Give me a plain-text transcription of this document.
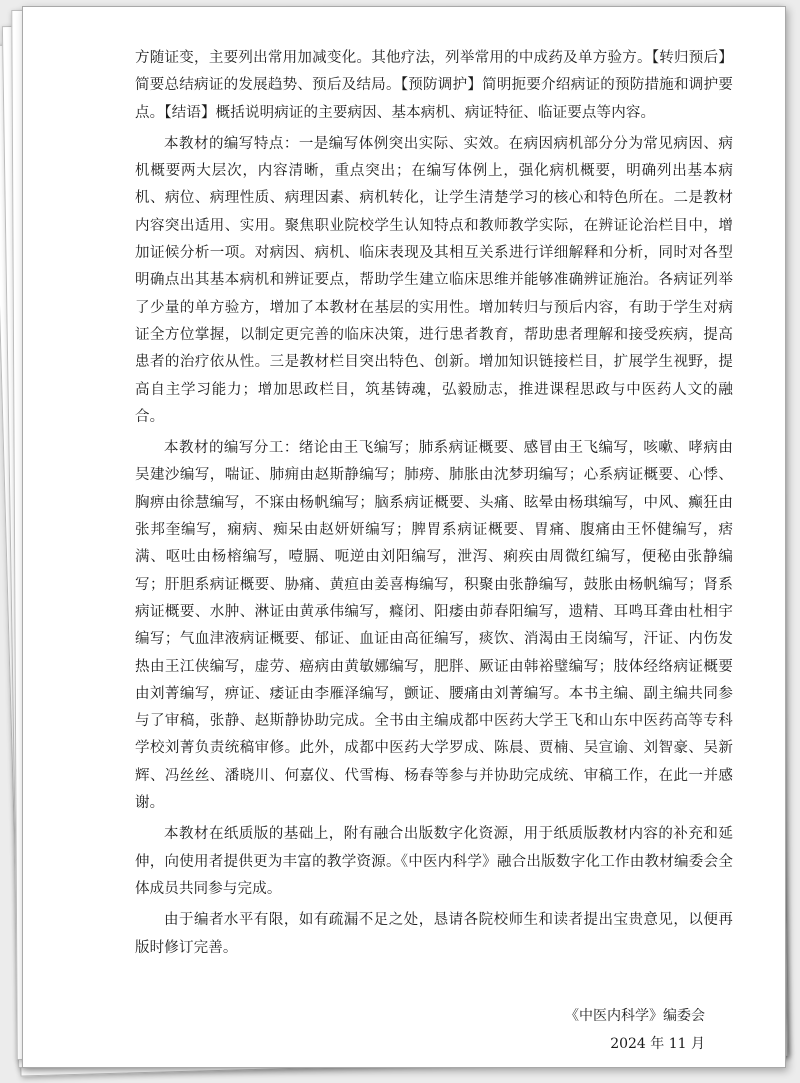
方随证变，主要列出常用加减变化。其他疗法，列举常用的中成药及单方验方。【转归预后】简要总结病证的发展趋势、预后及结局。【预防调护】简明扼要介绍病证的预防措施和调护要点。【结语】概括说明病证的主要病因、基本病机、病证特征、临证要点等内容。

本教材的编写特点：一是编写体例突出实际、实效。在病因病机部分分为常见病因、病机概要两大层次，内容清晰，重点突出；在编写体例上，强化病机概要，明确列出基本病机、病位、病理性质、病理因素、病机转化，让学生清楚学习的核心和特色所在。二是教材内容突出适用、实用。聚焦职业院校学生认知特点和教师教学实际，在辨证论治栏目中，增加证候分析一项。对病因、病机、临床表现及其相互关系进行详细解释和分析，同时对各型明确点出其基本病机和辨证要点，帮助学生建立临床思维并能够准确辨证施治。各病证列举了少量的单方验方，增加了本教材在基层的实用性。增加转归与预后内容，有助于学生对病证全方位掌握，以制定更完善的临床决策，进行患者教育，帮助患者理解和接受疾病，提高患者的治疗依从性。三是教材栏目突出特色、创新。增加知识链接栏目，扩展学生视野，提高自主学习能力；增加思政栏目，筑基铸魂，弘毅励志，推进课程思政与中医药人文的融合。

本教材的编写分工：绪论由王飞编写；肺系病证概要、感冒由王飞编写，咳嗽、哮病由吴建沙编写，喘证、肺痈由赵斯静编写；肺痨、肺胀由沈梦玥编写；心系病证概要、心悸、胸痹由徐慧编写，不寐由杨帆编写；脑系病证概要、头痛、眩晕由杨琪编写，中风、癫狂由张邦奎编写，痫病、痴呆由赵妍妍编写；脾胃系病证概要、胃痛、腹痛由王怀健编写，痞满、呕吐由杨榕编写，噎膈、呃逆由刘阳编写，泄泻、痢疾由周微红编写，便秘由张静编写；肝胆系病证概要、胁痛、黄疸由姜喜梅编写，积聚由张静编写，鼓胀由杨帆编写；肾系病证概要、水肿、淋证由黄承伟编写，癃闭、阳痿由茆春阳编写，遗精、耳鸣耳聋由杜相宇编写；气血津液病证概要、郁证、血证由高征编写，痰饮、消渴由王岗编写，汗证、内伤发热由王江侠编写，虚劳、癌病由黄敏娜编写，肥胖、厥证由韩裕璧编写；肢体经络病证概要由刘菁编写，痹证、痿证由李雁泽编写，颤证、腰痛由刘菁编写。本书主编、副主编共同参与了审稿，张静、赵斯静协助完成。全书由主编成都中医药大学王飞和山东中医药高等专科学校刘菁负责统稿审修。此外，成都中医药大学罗成、陈晨、贾楠、吴宣谕、刘智豪、吴新辉、冯丝丝、潘晓川、何嘉仪、代雪梅、杨春等参与并协助完成统、审稿工作，在此一并感谢。

本教材在纸质版的基础上，附有融合出版数字化资源，用于纸质版教材内容的补充和延伸，向使用者提供更为丰富的教学资源。《中医内科学》融合出版数字化工作由教材编委会全体成员共同参与完成。

由于编者水平有限，如有疏漏不足之处，恳请各院校师生和读者提出宝贵意见，以便再版时修订完善。

《中医内科学》编委会
2024 年 11 月
